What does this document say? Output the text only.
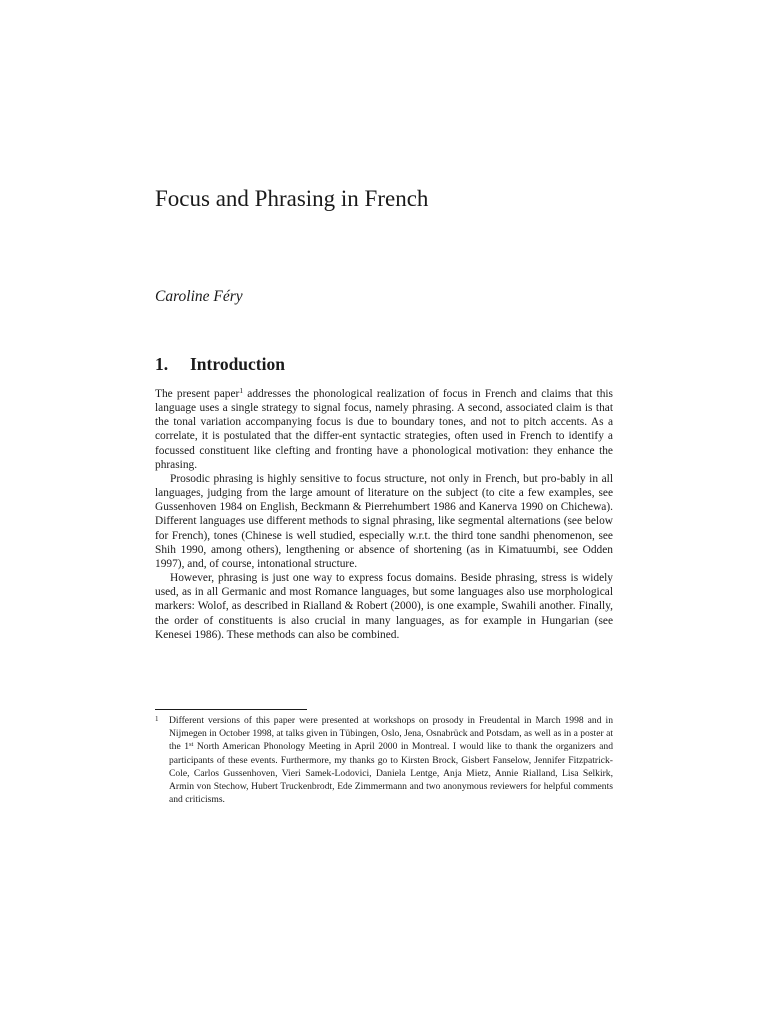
Focus and Phrasing in French
Caroline Féry
1. Introduction

The present paper$^1$ addresses the phonological realization of focus in French and claims that this language uses a single strategy to signal focus, namely phrasing. A second, associated claim is that the tonal variation accompanying focus is due to boundary tones, and not to pitch accents. As a correlate, it is postulated that the differ-ent syntactic strategies, often used in French to identify a focussed constituent like clefting and fronting have a phonological motivation: they enhance the phrasing.

Prosodic phrasing is highly sensitive to focus structure, not only in French, but pro-bably in all languages, judging from the large amount of literature on the subject (to cite a few examples, see Gussenhoven 1984 on English, Beckmann & Pierrehumbert 1986 and Kanerva 1990 on Chichewa). Different languages use different methods to signal phrasing, like segmental alternations (see below for French), tones (Chinese is well studied, especially w.r.t. the third tone sandhi phenomenon, see Shih 1990, among others), lengthening or absence of shortening (as in Kimatuumbi, see Odden 1997), and, of course, intonational structure.

However, phrasing is just one way to express focus domains. Beside phrasing, stress is widely used, as in all Germanic and most Romance languages, but some languages also use morphological markers: Wolof, as described in Rialland & Robert (2000), is one example, Swahili another. Finally, the order of constituents is also crucial in many languages, as for example in Hungarian (see Kenesei 1986). These methods can also be combined.

1 Different versions of this paper were presented at workshops on prosody in Freudental in March 1998 and in Nijmegen in October 1998, at talks given in Tübingen, Oslo, Jena, Osnabrück and Potsdam, as well as in a poster at the 1st North American Phonology Meeting in April 2000 in Montreal. I would like to thank the organizers and participants of these events. Furthermore, my thanks go to Kirsten Brock, Gisbert Fanselow, Jennifer Fitzpatrick-Cole, Carlos Gussenhoven, Vieri Samek-Lodovici, Daniela Lentge, Anja Mietz, Annie Rialland, Lisa Selkirk, Armin von Stechow, Hubert Truckenbrodt, Ede Zimmermann and two anonymous reviewers for helpful comments and criticisms.
